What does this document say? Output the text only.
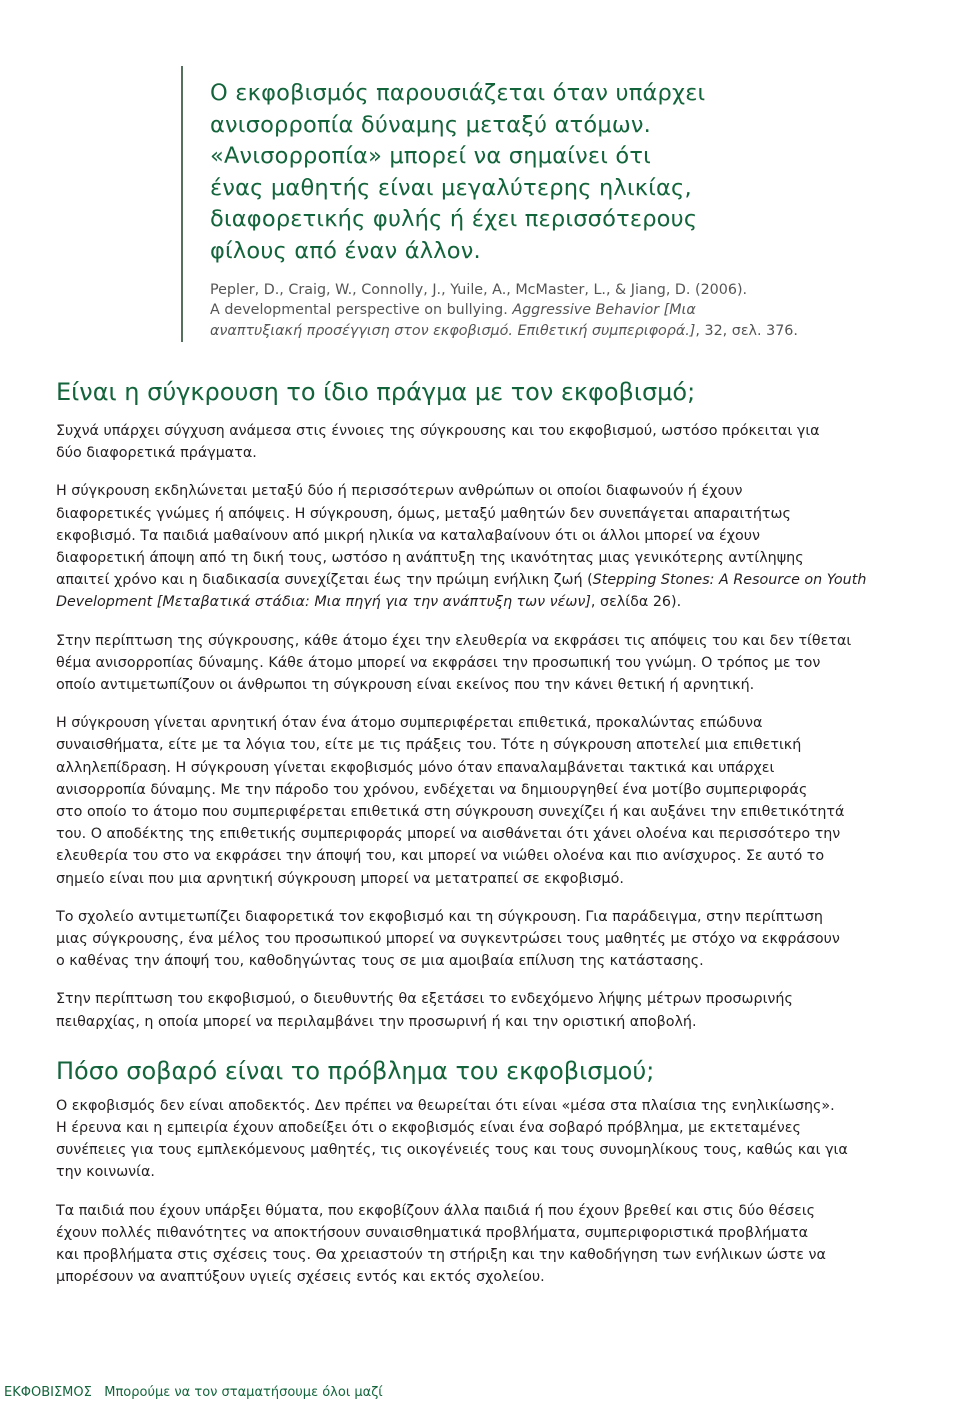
Ο εκφοβισμός παρουσιάζεται όταν υπάρχει
ανισορροπία δύναμης μεταξύ ατόμων.
«Ανισορροπία» μπορεί να σημαίνει ότι
ένας μαθητής είναι μεγαλύτερης ηλικίας,
διαφορετικής φυλής ή έχει περισσότερους
φίλους από έναν άλλον.

Pepler, D., Craig, W., Connolly, J., Yuile, A., McMaster, L., & Jiang, D. (2006).
A developmental perspective on bullying. Aggressive Behavior [Μια
αναπτυξιακή προσέγγιση στον εκφοβισμό. Επιθετική συμπεριφορά.], 32, σελ. 376.

Είναι η σύγκρουση το ίδιο πράγμα με τον εκφοβισμό;

Συχνά υπάρχει σύγχυση ανάμεσα στις έννοιες της σύγκρουσης και του εκφοβισμού, ωστόσο πρόκειται για
δύο διαφορετικά πράγματα.

Η σύγκρουση εκδηλώνεται μεταξύ δύο ή περισσότερων ανθρώπων οι οποίοι διαφωνούν ή έχουν
διαφορετικές γνώμες ή απόψεις. Η σύγκρουση, όμως, μεταξύ μαθητών δεν συνεπάγεται απαραιτήτως
εκφοβισμό. Τα παιδιά μαθαίνουν από μικρή ηλικία να καταλαβαίνουν ότι οι άλλοι μπορεί να έχουν
διαφορετική άποψη από τη δική τους, ωστόσο η ανάπτυξη της ικανότητας μιας γενικότερης αντίληψης
απαιτεί χρόνο και η διαδικασία συνεχίζεται έως την πρώιμη ενήλικη ζωή (Stepping Stones: A Resource on Youth
Development [Μεταβατικά στάδια: Μια πηγή για την ανάπτυξη των νέων], σελίδα 26).

Στην περίπτωση της σύγκρουσης, κάθε άτομο έχει την ελευθερία να εκφράσει τις απόψεις του και δεν τίθεται
θέμα ανισορροπίας δύναμης. Κάθε άτομο μπορεί να εκφράσει την προσωπική του γνώμη. Ο τρόπος με τον
οποίο αντιμετωπίζουν οι άνθρωποι τη σύγκρουση είναι εκείνος που την κάνει θετική ή αρνητική.

Η σύγκρουση γίνεται αρνητική όταν ένα άτομο συμπεριφέρεται επιθετικά, προκαλώντας επώδυνα
συναισθήματα, είτε με τα λόγια του, είτε με τις πράξεις του. Τότε η σύγκρουση αποτελεί μια επιθετική
αλληλεπίδραση. Η σύγκρουση γίνεται εκφοβισμός μόνο όταν επαναλαμβάνεται τακτικά και υπάρχει
ανισορροπία δύναμης. Με την πάροδο του χρόνου, ενδέχεται να δημιουργηθεί ένα μοτίβο συμπεριφοράς
στο οποίο το άτομο που συμπεριφέρεται επιθετικά στη σύγκρουση συνεχίζει ή και αυξάνει την επιθετικότητά
του. Ο αποδέκτης της επιθετικής συμπεριφοράς μπορεί να αισθάνεται ότι χάνει ολοένα και περισσότερο την
ελευθερία του στο να εκφράσει την άποψή του, και μπορεί να νιώθει ολοένα και πιο ανίσχυρος. Σε αυτό το
σημείο είναι που μια αρνητική σύγκρουση μπορεί να μετατραπεί σε εκφοβισμό.

Το σχολείο αντιμετωπίζει διαφορετικά τον εκφοβισμό και τη σύγκρουση. Για παράδειγμα, στην περίπτωση
μιας σύγκρουσης, ένα μέλος του προσωπικού μπορεί να συγκεντρώσει τους μαθητές με στόχο να εκφράσουν
ο καθένας την άποψή του, καθοδηγώντας τους σε μια αμοιβαία επίλυση της κατάστασης.

Στην περίπτωση του εκφοβισμού, ο διευθυντής θα εξετάσει το ενδεχόμενο λήψης μέτρων προσωρινής
πειθαρχίας, η οποία μπορεί να περιλαμβάνει την προσωρινή ή και την οριστική αποβολή.

Πόσο σοβαρό είναι το πρόβλημα του εκφοβισμού;

Ο εκφοβισμός δεν είναι αποδεκτός. Δεν πρέπει να θεωρείται ότι είναι «μέσα στα πλαίσια της ενηλικίωσης».
Η έρευνα και η εμπειρία έχουν αποδείξει ότι ο εκφοβισμός είναι ένα σοβαρό πρόβλημα, με εκτεταμένες
συνέπειες για τους εμπλεκόμενους μαθητές, τις οικογένειές τους και τους συνομηλίκους τους, καθώς και για
την κοινωνία.

Τα παιδιά που έχουν υπάρξει θύματα, που εκφοβίζουν άλλα παιδιά ή που έχουν βρεθεί και στις δύο θέσεις
έχουν πολλές πιθανότητες να αποκτήσουν συναισθηματικά προβλήματα, συμπεριφοριστικά προβλήματα
και προβλήματα στις σχέσεις τους. Θα χρειαστούν τη στήριξη και την καθοδήγηση των ενήλικων ώστε να
μπορέσουν να αναπτύξουν υγιείς σχέσεις εντός και εκτός σχολείου.

ΕΚΦΟΒΙΣΜΟΣ Μπορούμε να τον σταματήσουμε όλοι μαζί
